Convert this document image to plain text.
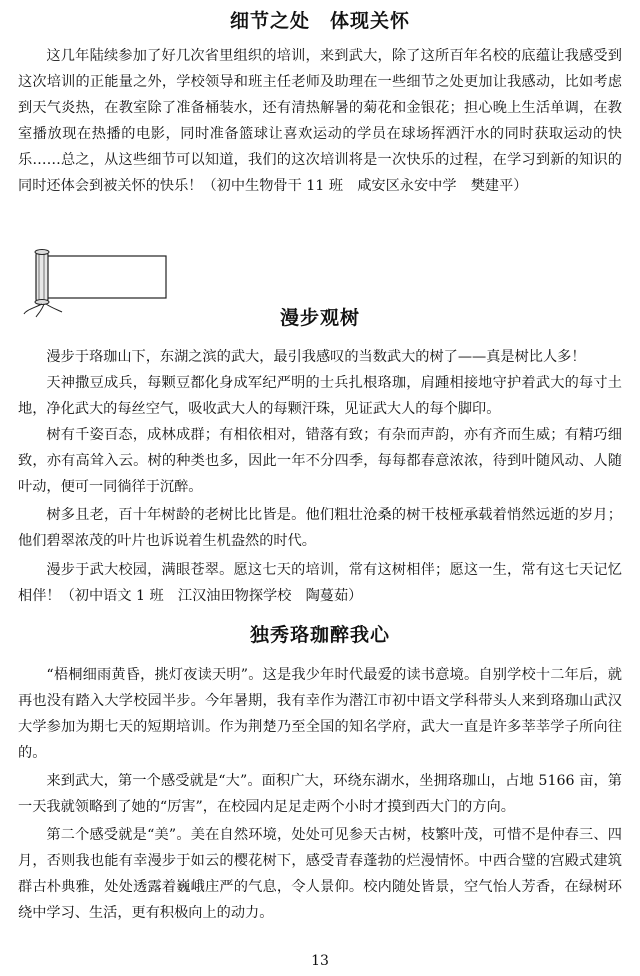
细节之处　体现关怀

这几年陆续参加了好几次省里组织的培训，来到武大，除了这所百年名校的底蕴让我感受到这次培训的正能量之外，学校领导和班主任老师及助理在一些细节之处更加让我感动，比如考虑到天气炎热，在教室除了准备桶装水，还有清热解暑的菊花和金银花；担心晚上生活单调，在教室播放现在热播的电影，同时准备篮球让喜欢运动的学员在球场挥洒汗水的同时获取运动的快乐……总之，从这些细节可以知道，我们的这次培训将是一次快乐的过程，在学习到新的知识的同时还体会到被关怀的快乐！（初中生物骨干 11 班　咸安区永安中学　樊建平）

漫步观树

漫步于珞珈山下，东湖之滨的武大，最引我感叹的当数武大的树了——真是树比人多！

天神撒豆成兵，每颗豆都化身成军纪严明的士兵扎根珞珈，肩踵相接地守护着武大的每寸土地，净化武大的每丝空气，吸收武大人的每颗汗珠，见证武大人的每个脚印。

树有千姿百态，成林成群；有相依相对，错落有致；有杂而声韵，亦有齐而生威；有精巧细致，亦有高耸入云。树的种类也多，因此一年不分四季，每每都春意浓浓，待到叶随风动、人随叶动，便可一同徜徉于沉醉。

树多且老，百十年树龄的老树比比皆是。他们粗壮沧桑的树干枝桠承载着悄然远逝的岁月；他们碧翠浓茂的叶片也诉说着生机盎然的时代。

漫步于武大校园，满眼苍翠。愿这七天的培训，常有这树相伴；愿这一生，常有这七天记忆相伴！（初中语文 1 班　江汉油田物探学校　陶蔓茹）

独秀珞珈醉我心

“梧桐细雨黄昏，挑灯夜读天明”。这是我少年时代最爱的读书意境。自别学校十二年后，就再也没有踏入大学校园半步。今年暑期，我有幸作为潜江市初中语文学科带头人来到珞珈山武汉大学参加为期七天的短期培训。作为荆楚乃至全国的知名学府，武大一直是许多莘莘学子所向往的。

来到武大，第一个感受就是“大”。面积广大，环绕东湖水，坐拥珞珈山，占地 5166 亩，第一天我就领略到了她的“厉害”，在校园内足足走两个小时才摸到西大门的方向。

第二个感受就是“美”。美在自然环境，处处可见参天古树，枝繁叶茂，可惜不是仲春三、四月，否则我也能有幸漫步于如云的樱花树下，感受青春蓬勃的烂漫情怀。中西合璧的宫殿式建筑群古朴典雅，处处透露着巍峨庄严的气息，令人景仰。校内随处皆景，空气怡人芳香，在绿树环绕中学习、生活，更有积极向上的动力。

13
